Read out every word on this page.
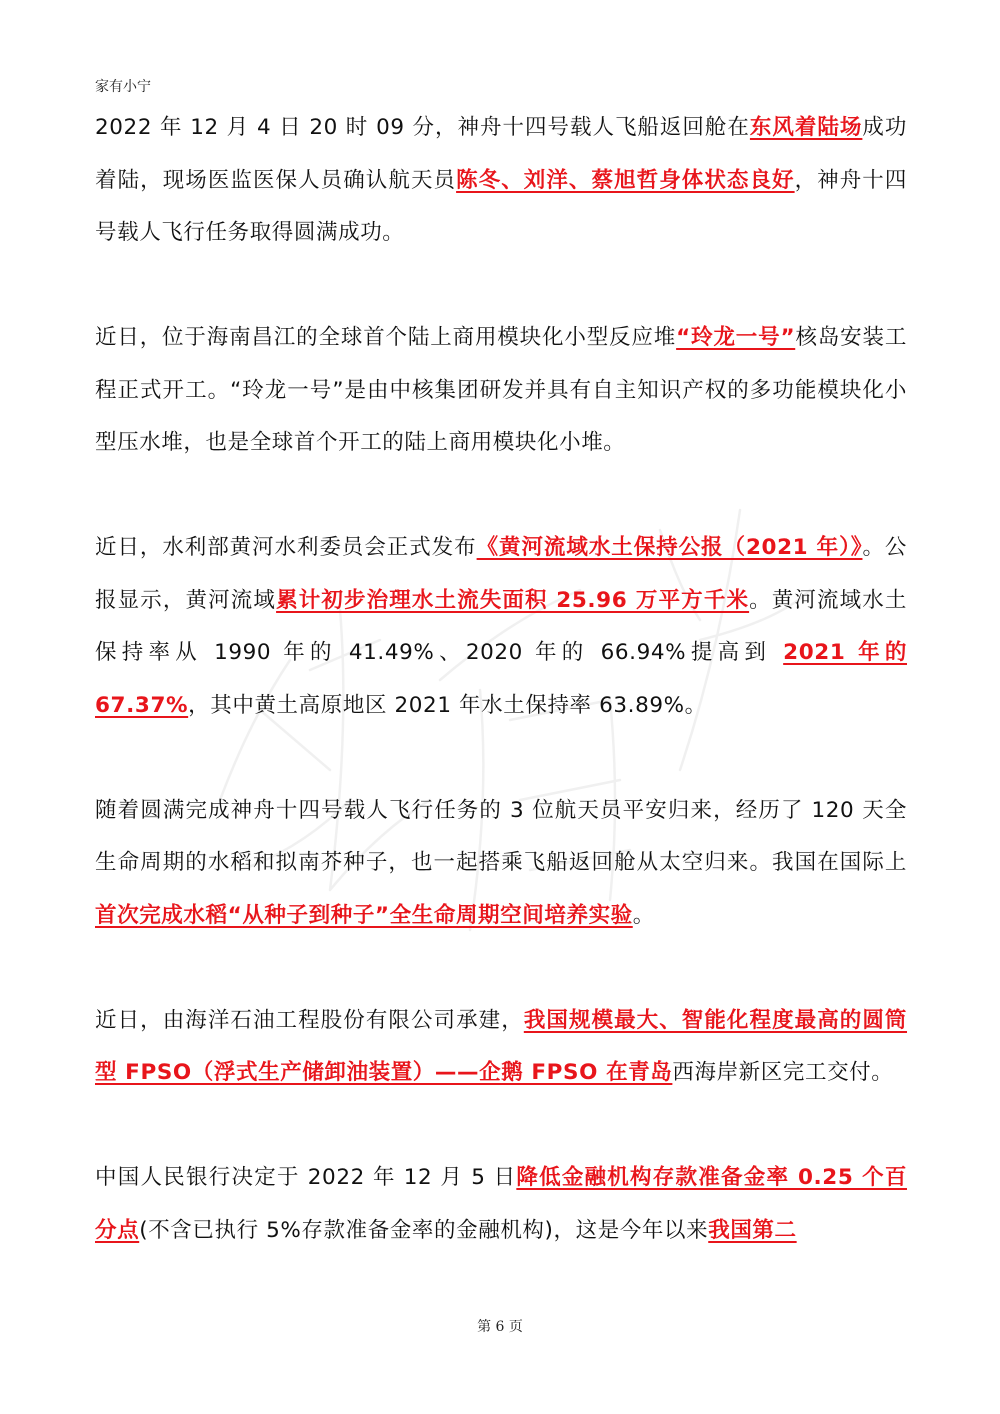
家有小宁

2022 年 12 月 4 日 20 时 09 分，神舟十四号载人飞船返回舱在东风着陆场成功着陆，现场医监医保人员确认航天员陈冬、刘洋、蔡旭哲身体状态良好，神舟十四号载人飞行任务取得圆满成功。

近日，位于海南昌江的全球首个陆上商用模块化小型反应堆“玲龙一号”核岛安装工程正式开工。“玲龙一号”是由中核集团研发并具有自主知识产权的多功能模块化小型压水堆，也是全球首个开工的陆上商用模块化小堆。

近日，水利部黄河水利委员会正式发布《黄河流域水土保持公报（2021 年）》。公报显示，黄河流域累计初步治理水土流失面积 25.96 万平方千米。黄河流域水土保持率从 1990 年的 41.49%、2020 年的 66.94%提高到 2021 年的 67.37%，其中黄土高原地区 2021 年水土保持率 63.89%。

随着圆满完成神舟十四号载人飞行任务的 3 位航天员平安归来，经历了 120 天全生命周期的水稻和拟南芥种子，也一起搭乘飞船返回舱从太空归来。我国在国际上首次完成水稻“从种子到种子”全生命周期空间培养实验。

近日，由海洋石油工程股份有限公司承建，我国规模最大、智能化程度最高的圆筒型 FPSO（浮式生产储卸油装置）——企鹅 FPSO 在青岛西海岸新区完工交付。

中国人民银行决定于 2022 年 12 月 5 日降低金融机构存款准备金率 0.25 个百分点(不含已执行 5%存款准备金率的金融机构)，这是今年以来我国第二

第 6 页
